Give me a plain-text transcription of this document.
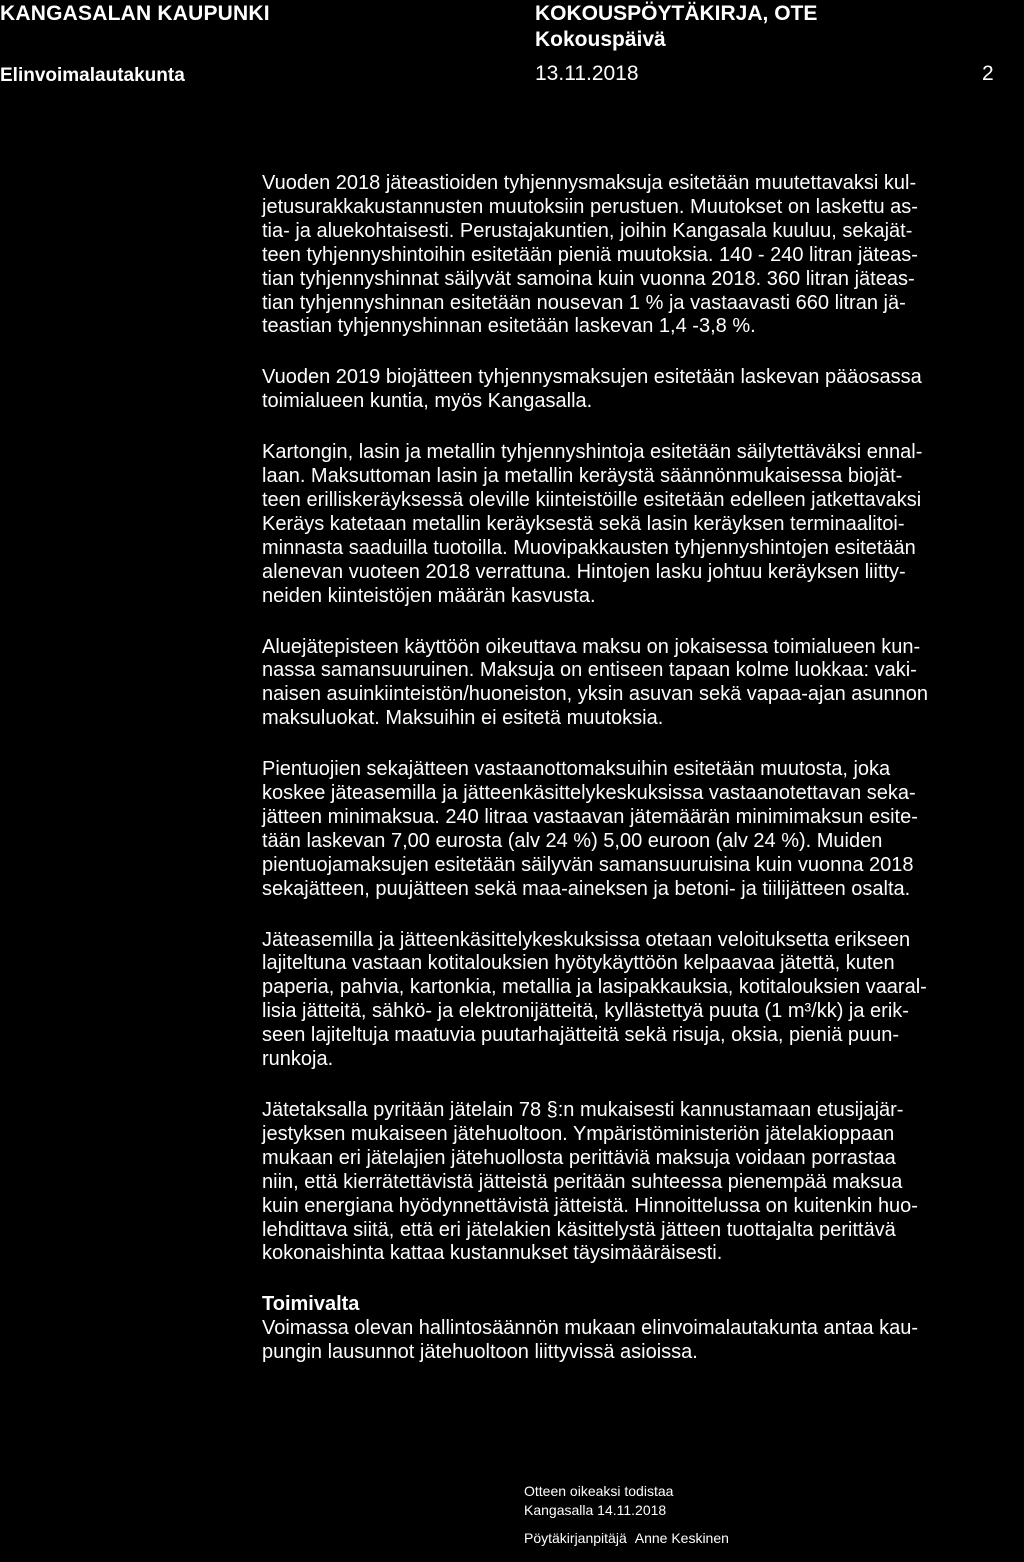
KANGASALAN KAUPUNKI	KOKOUSPÖYTÄKIRJA, OTE
Kokouspäivä
Elinvoimalautakunta	13.11.2018	2
Vuoden 2018 jäteastioiden tyhjennysmaksuja esitetään muutettavaksi kul-
jetusurakkakustannusten muutoksiin perustuen. Muutokset on laskettu as-
tia- ja aluekohtaisesti. Perustajakuntien, joihin Kangasala kuuluu, sekajät-
teen tyhjennyshintoihin esitetään pieniä muutoksia. 140 - 240 litran jäteas-
tian tyhjennyshinnat säilyvät samoina kuin vuonna 2018. 360 litran jäteas-
tian tyhjennyshinnan esitetään nousevan 1 % ja vastaavasti 660 litran jä-
teastian tyhjennyshinnan esitetään laskevan 1,4 -3,8 %.
Vuoden 2019 biojätteen tyhjennysmaksujen esitetään laskevan pääosassa
toimialueen kuntia, myös Kangasalla.
Kartongin, lasin ja metallin tyhjennyshintoja esitetään säilytettäväksi ennal-
laan. Maksuttoman lasin ja metallin keräystä säännönmukaisessa biojät-
teen erilliskeräyksessä oleville kiinteistöille esitetään edelleen jatkettavaksi
Keräys katetaan metallin keräyksestä sekä lasin keräyksen terminaalitoi-
minnasta saaduilla tuotoilla. Muovipakkausten tyhjennyshintojen esitetään
alenevan vuoteen 2018 verrattuna. Hintojen lasku johtuu keräyksen liitty-
neiden kiinteistöjen määrän kasvusta.
Aluejätepisteen käyttöön oikeuttava maksu on jokaisessa toimialueen kun-
nassa samansuuruinen. Maksuja on entiseen tapaan kolme luokkaa: vaki-
naisen asuinkiinteistön/huoneiston, yksin asuvan sekä vapaa-ajan asunnon
maksuluokat. Maksuihin ei esitetä muutoksia.
Pientuojien sekajätteen vastaanottomaksuihin esitetään muutosta, joka
koskee jäteasemilla ja jätteenkäsittelykeskuksissa vastaanotettavan seka-
jätteen minimaksua. 240 litraa vastaavan jätemäärän minimimaksun esite-
tään laskevan 7,00 eurosta (alv 24 %) 5,00 euroon (alv 24 %). Muiden
pientuojamaksujen esitetään säilyvän samansuuruisina kuin vuonna 2018
sekajätteen, puujätteen sekä maa-aineksen ja betoni- ja tiilijätteen osalta.
Jäteasemilla ja jätteenkäsittelykeskuksissa otetaan veloituksetta erikseen
lajiteltuna vastaan kotitalouksien hyötykäyttöön kelpaavaa jätettä, kuten
paperia, pahvia, kartonkia, metallia ja lasipakkauksia, kotitalouksien vaaral-
lisia jätteitä, sähkö- ja elektronijätteitä, kyllästettyä puuta (1 m³/kk) ja erik-
seen lajiteltuja maatuvia puutarhajätteitä sekä risuja, oksia, pieniä puun-
runkoja.
Jätetaksalla pyritään jätelain 78 §:n mukaisesti kannustamaan etusijajär-
jestyksen mukaiseen jätehuoltoon. Ympäristöministeriön jätelakioppaan
mukaan eri jätelajien jätehuollosta perittäviä maksuja voidaan porrastaa
niin, että kierrätettävistä jätteistä peritään suhteessa pienempää maksua
kuin energiana hyödynnettävistä jätteistä. Hinnoittelussa on kuitenkin huo-
lehdittava siitä, että eri jätelakien käsittelystä jätteen tuottajalta perittävä
kokonaishinta kattaa kustannukset täysimääräisesti.
Toimivalta
Voimassa olevan hallintosäännön mukaan elinvoimalautakunta antaa kau-
pungin lausunnot jätehuoltoon liittyvissä asioissa.
Otteen oikeaksi todistaa
Kangasalla 14.11.2018
Pöytäkirjanpitäjä Anne Keskinen
